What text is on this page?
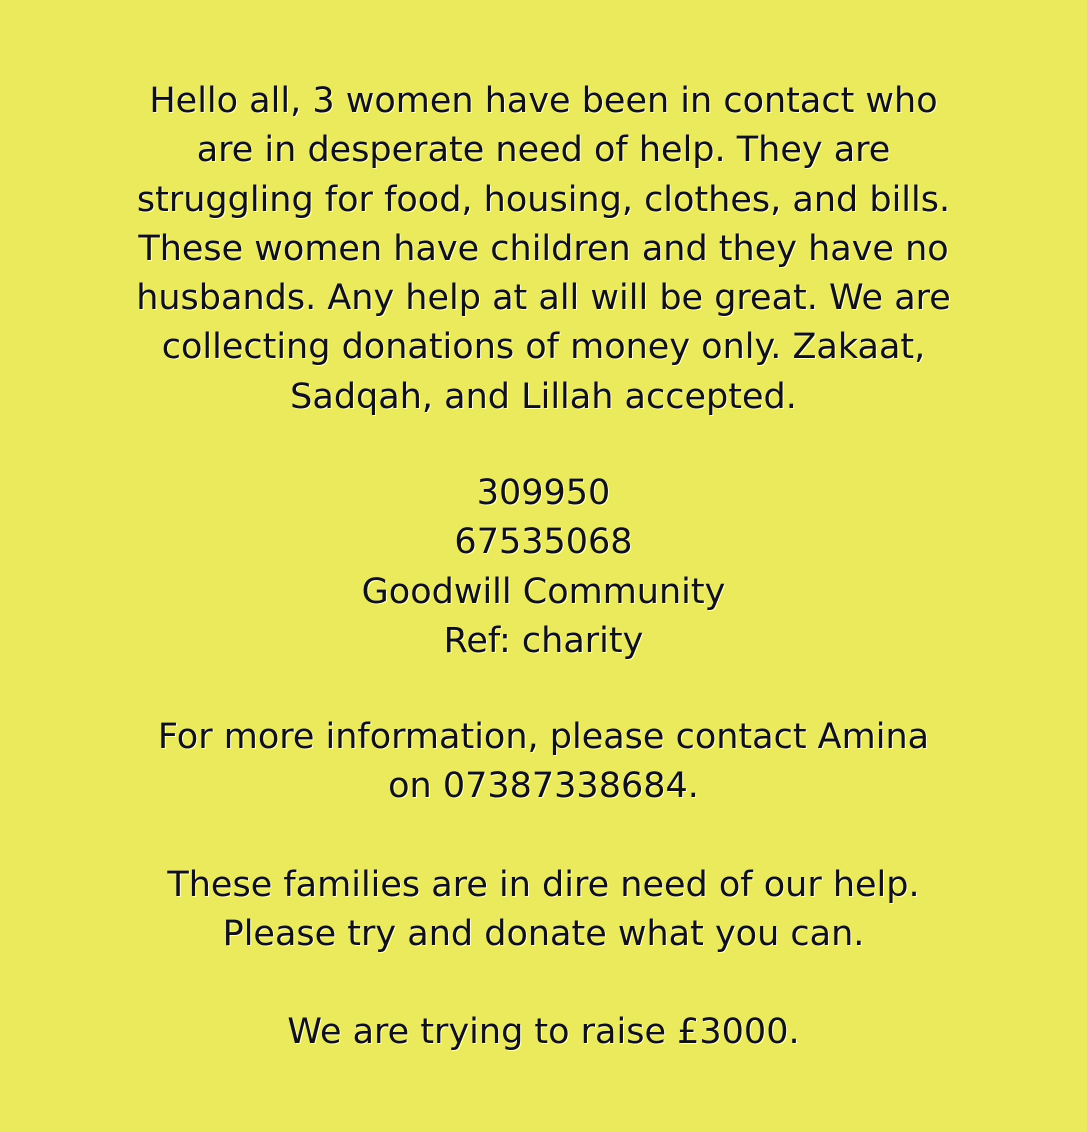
Hello all, 3 women have been in contact who
are in desperate need of help. They are
struggling for food, housing, clothes, and bills.
These women have children and they have no
husbands. Any help at all will be great. We are
collecting donations of money only. Zakaat,
Sadqah, and Lillah accepted.

309950
67535068
Goodwill Community
Ref: charity

For more information, please contact Amina
on 07387338684.

These families are in dire need of our help.
Please try and donate what you can.

We are trying to raise £3000.
